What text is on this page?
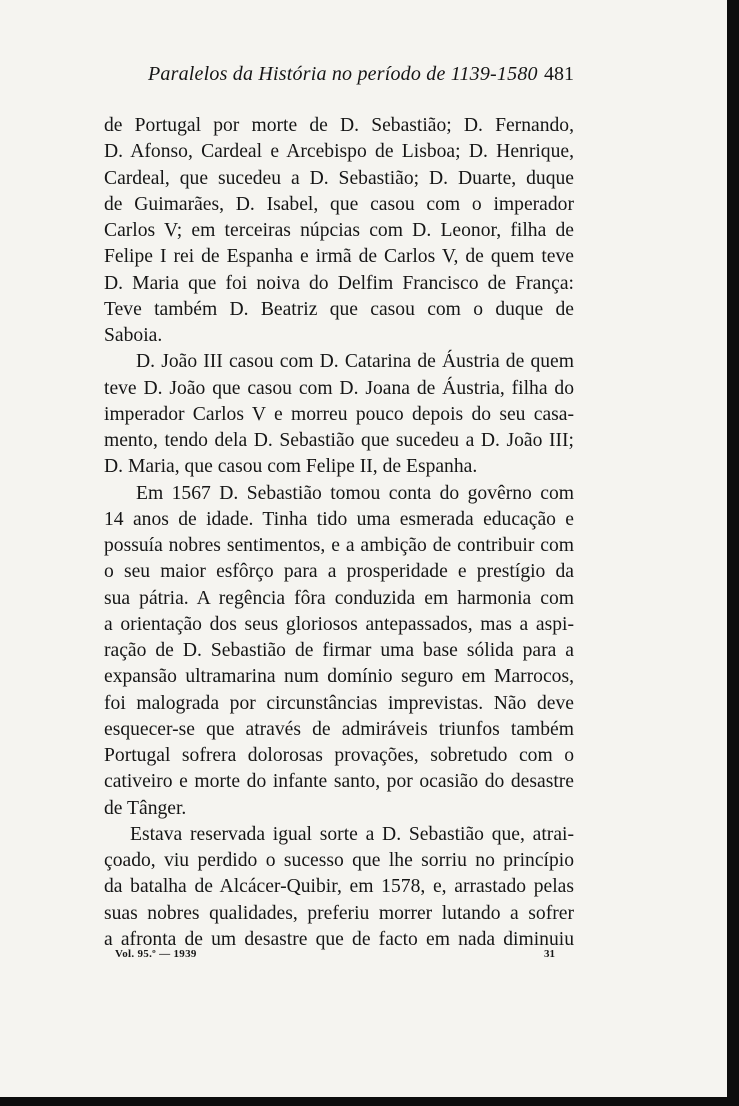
Paralelos da História no período de 1139-1580 481
de Portugal por morte de D. Sebastião; D. Fernando,
D. Afonso, Cardeal e Arcebispo de Lisboa; D. Henrique,
Cardeal, que sucedeu a D. Sebastião; D. Duarte, duque
de Guimarães, D. Isabel, que casou com o imperador
Carlos V; em terceiras núpcias com D. Leonor, filha de
Felipe I rei de Espanha e irmã de Carlos V, de quem teve
D. Maria que foi noiva do Delfim Francisco de França:
Teve também D. Beatriz que casou com o duque de
Saboia.
D. João III casou com D. Catarina de Áustria de quem
teve D. João que casou com D. Joana de Áustria, filha do
imperador Carlos V e morreu pouco depois do seu casa-
mento, tendo dela D. Sebastião que sucedeu a D. João III;
D. Maria, que casou com Felipe II, de Espanha.
Em 1567 D. Sebastião tomou conta do govêrno com
14 anos de idade. Tinha tido uma esmerada educação e
possuía nobres sentimentos, e a ambição de contribuir com
o seu maior esfôrço para a prosperidade e prestígio da
sua pátria. A regência fôra conduzida em harmonia com
a orientação dos seus gloriosos antepassados, mas a aspi-
ração de D. Sebastião de firmar uma base sólida para a
expansão ultramarina num domínio seguro em Marrocos,
foi malograda por circunstâncias imprevistas. Não deve
esquecer-se que através de admiráveis triunfos também
Portugal sofrera dolorosas provações, sobretudo com o
cativeiro e morte do infante santo, por ocasião do desastre
de Tânger.
Estava reservada igual sorte a D. Sebastião que, atrai-
çoado, viu perdido o sucesso que lhe sorriu no princípio
da batalha de Alcácer-Quibir, em 1578, e, arrastado pelas
suas nobres qualidades, preferiu morrer lutando a sofrer
a afronta de um desastre que de facto em nada diminuiu
Vol. 95.º — 1939	31
